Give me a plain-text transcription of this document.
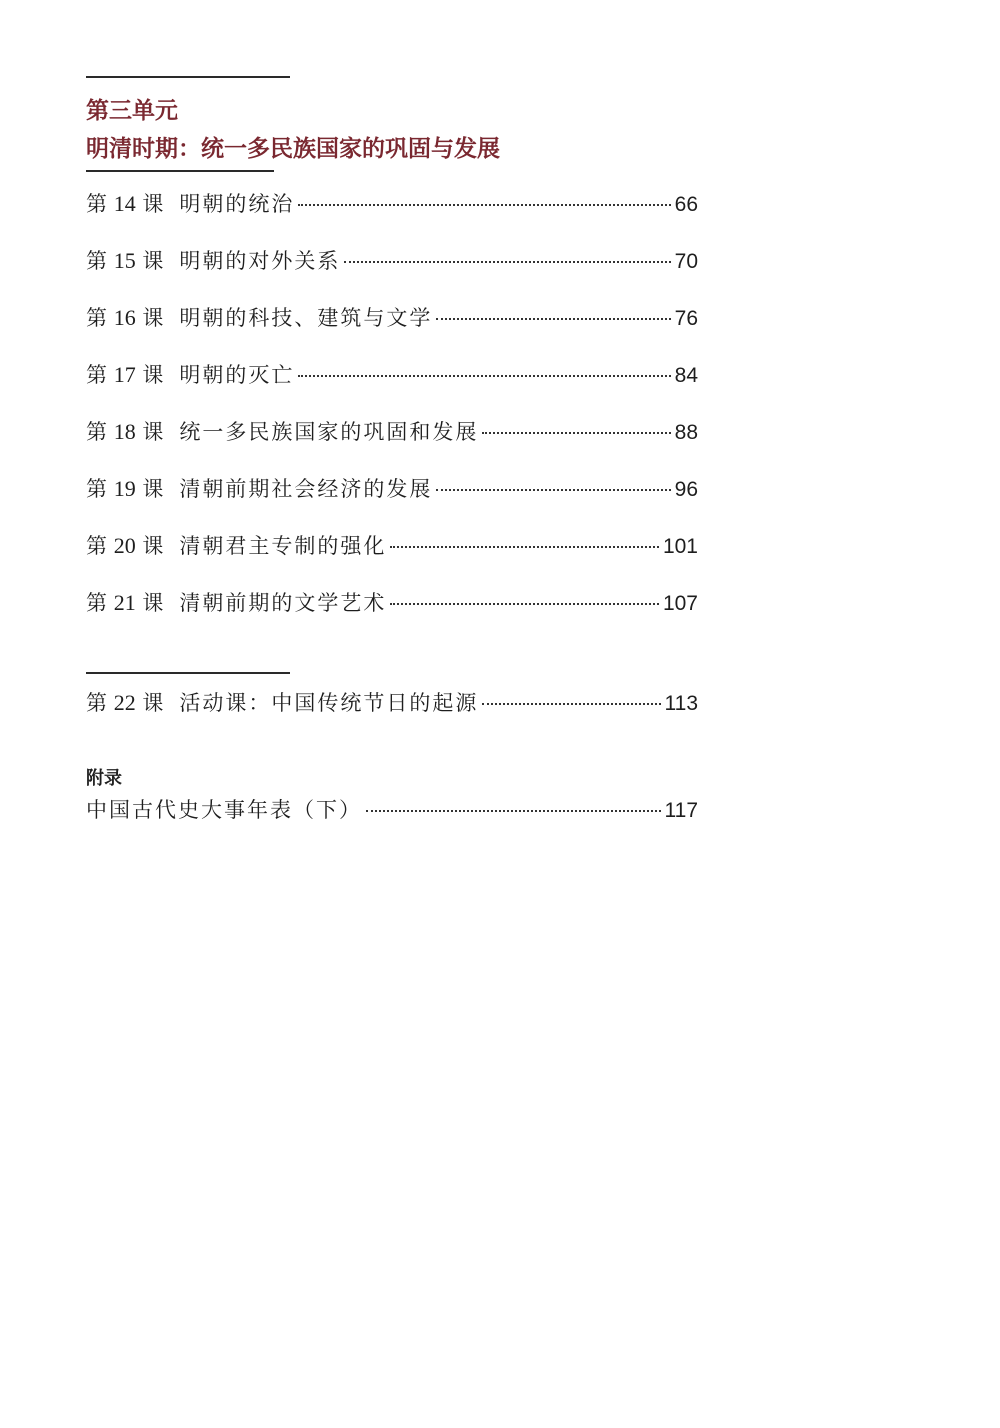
第三单元
明清时期：统一多民族国家的巩固与发展
第 14 课 明朝的统治	66
第 15 课 明朝的对外关系	70
第 16 课 明朝的科技、建筑与文学	76
第 17 课 明朝的灭亡	84
第 18 课 统一多民族国家的巩固和发展	88
第 19 课 清朝前期社会经济的发展	96
第 20 课 清朝君主专制的强化	101
第 21 课 清朝前期的文学艺术	107
第 22 课 活动课：中国传统节日的起源	113
附录
中国古代史大事年表（下）	117
